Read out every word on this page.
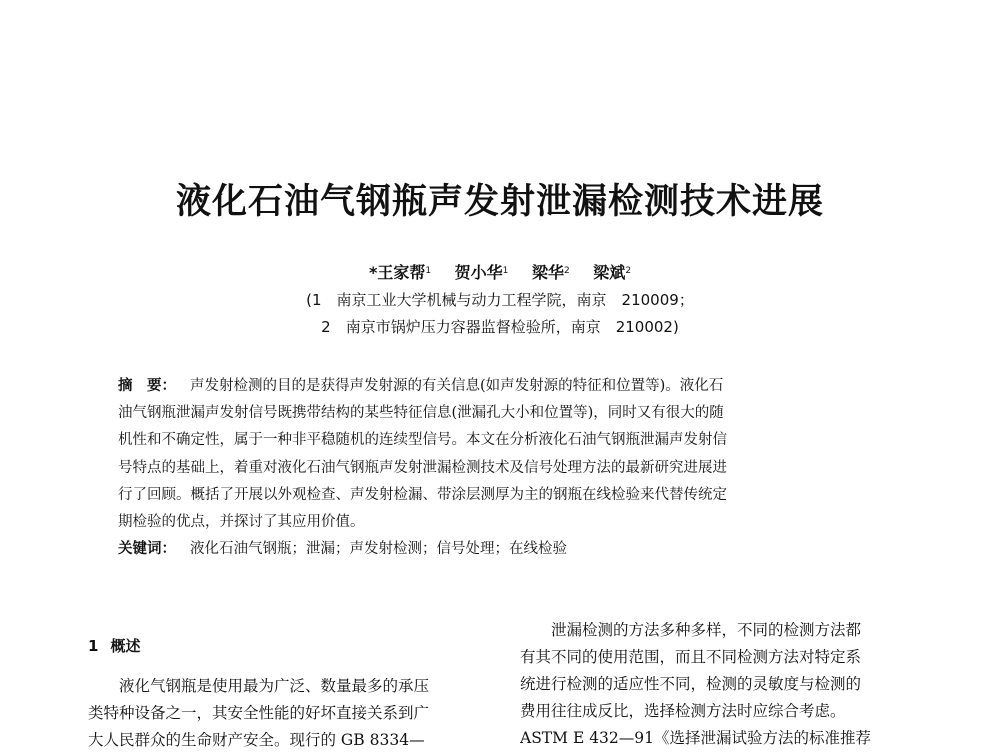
液化石油气钢瓶声发射泄漏检测技术进展
*王家帮$^1$ 贺小华$^1$ 梁华$^2$ 梁斌$^2$
(1　南京工业大学机械与动力工程学院，南京　210009；
2　南京市锅炉压力容器监督检验所，南京　210002)
摘　要： 声发射检测的目的是获得声发射源的有关信息(如声发射源的特征和位置等)。液化石
油气钢瓶泄漏声发射信号既携带结构的某些特征信息(泄漏孔大小和位置等)，同时又有很大的随
机性和不确定性，属于一种非平稳随机的连续型信号。本文在分析液化石油气钢瓶泄漏声发射信
号特点的基础上，着重对液化石油气钢瓶声发射泄漏检测技术及信号处理方法的最新研究进展进
行了回顾。概括了开展以外观检查、声发射检漏、带涂层测厚为主的钢瓶在线检验来代替传统定
期检验的优点，并探讨了其应用价值。
关键词： 液化石油气钢瓶；泄漏；声发射检测；信号处理；在线检验
1 概述
液化气钢瓶是使用最为广泛、数量最多的承压
类特种设备之一，其安全性能的好坏直接关系到广
大人民群众的生命财产安全。现行的 GB 8334—
泄漏检测的方法多种多样，不同的检测方法都
有其不同的使用范围，而且不同检测方法对特定系
统进行检测的适应性不同，检测的灵敏度与检测的
费用往往成反比，选择检测方法时应综合考虑。
ASTM E 432—91《选择泄漏试验方法的标准推荐
